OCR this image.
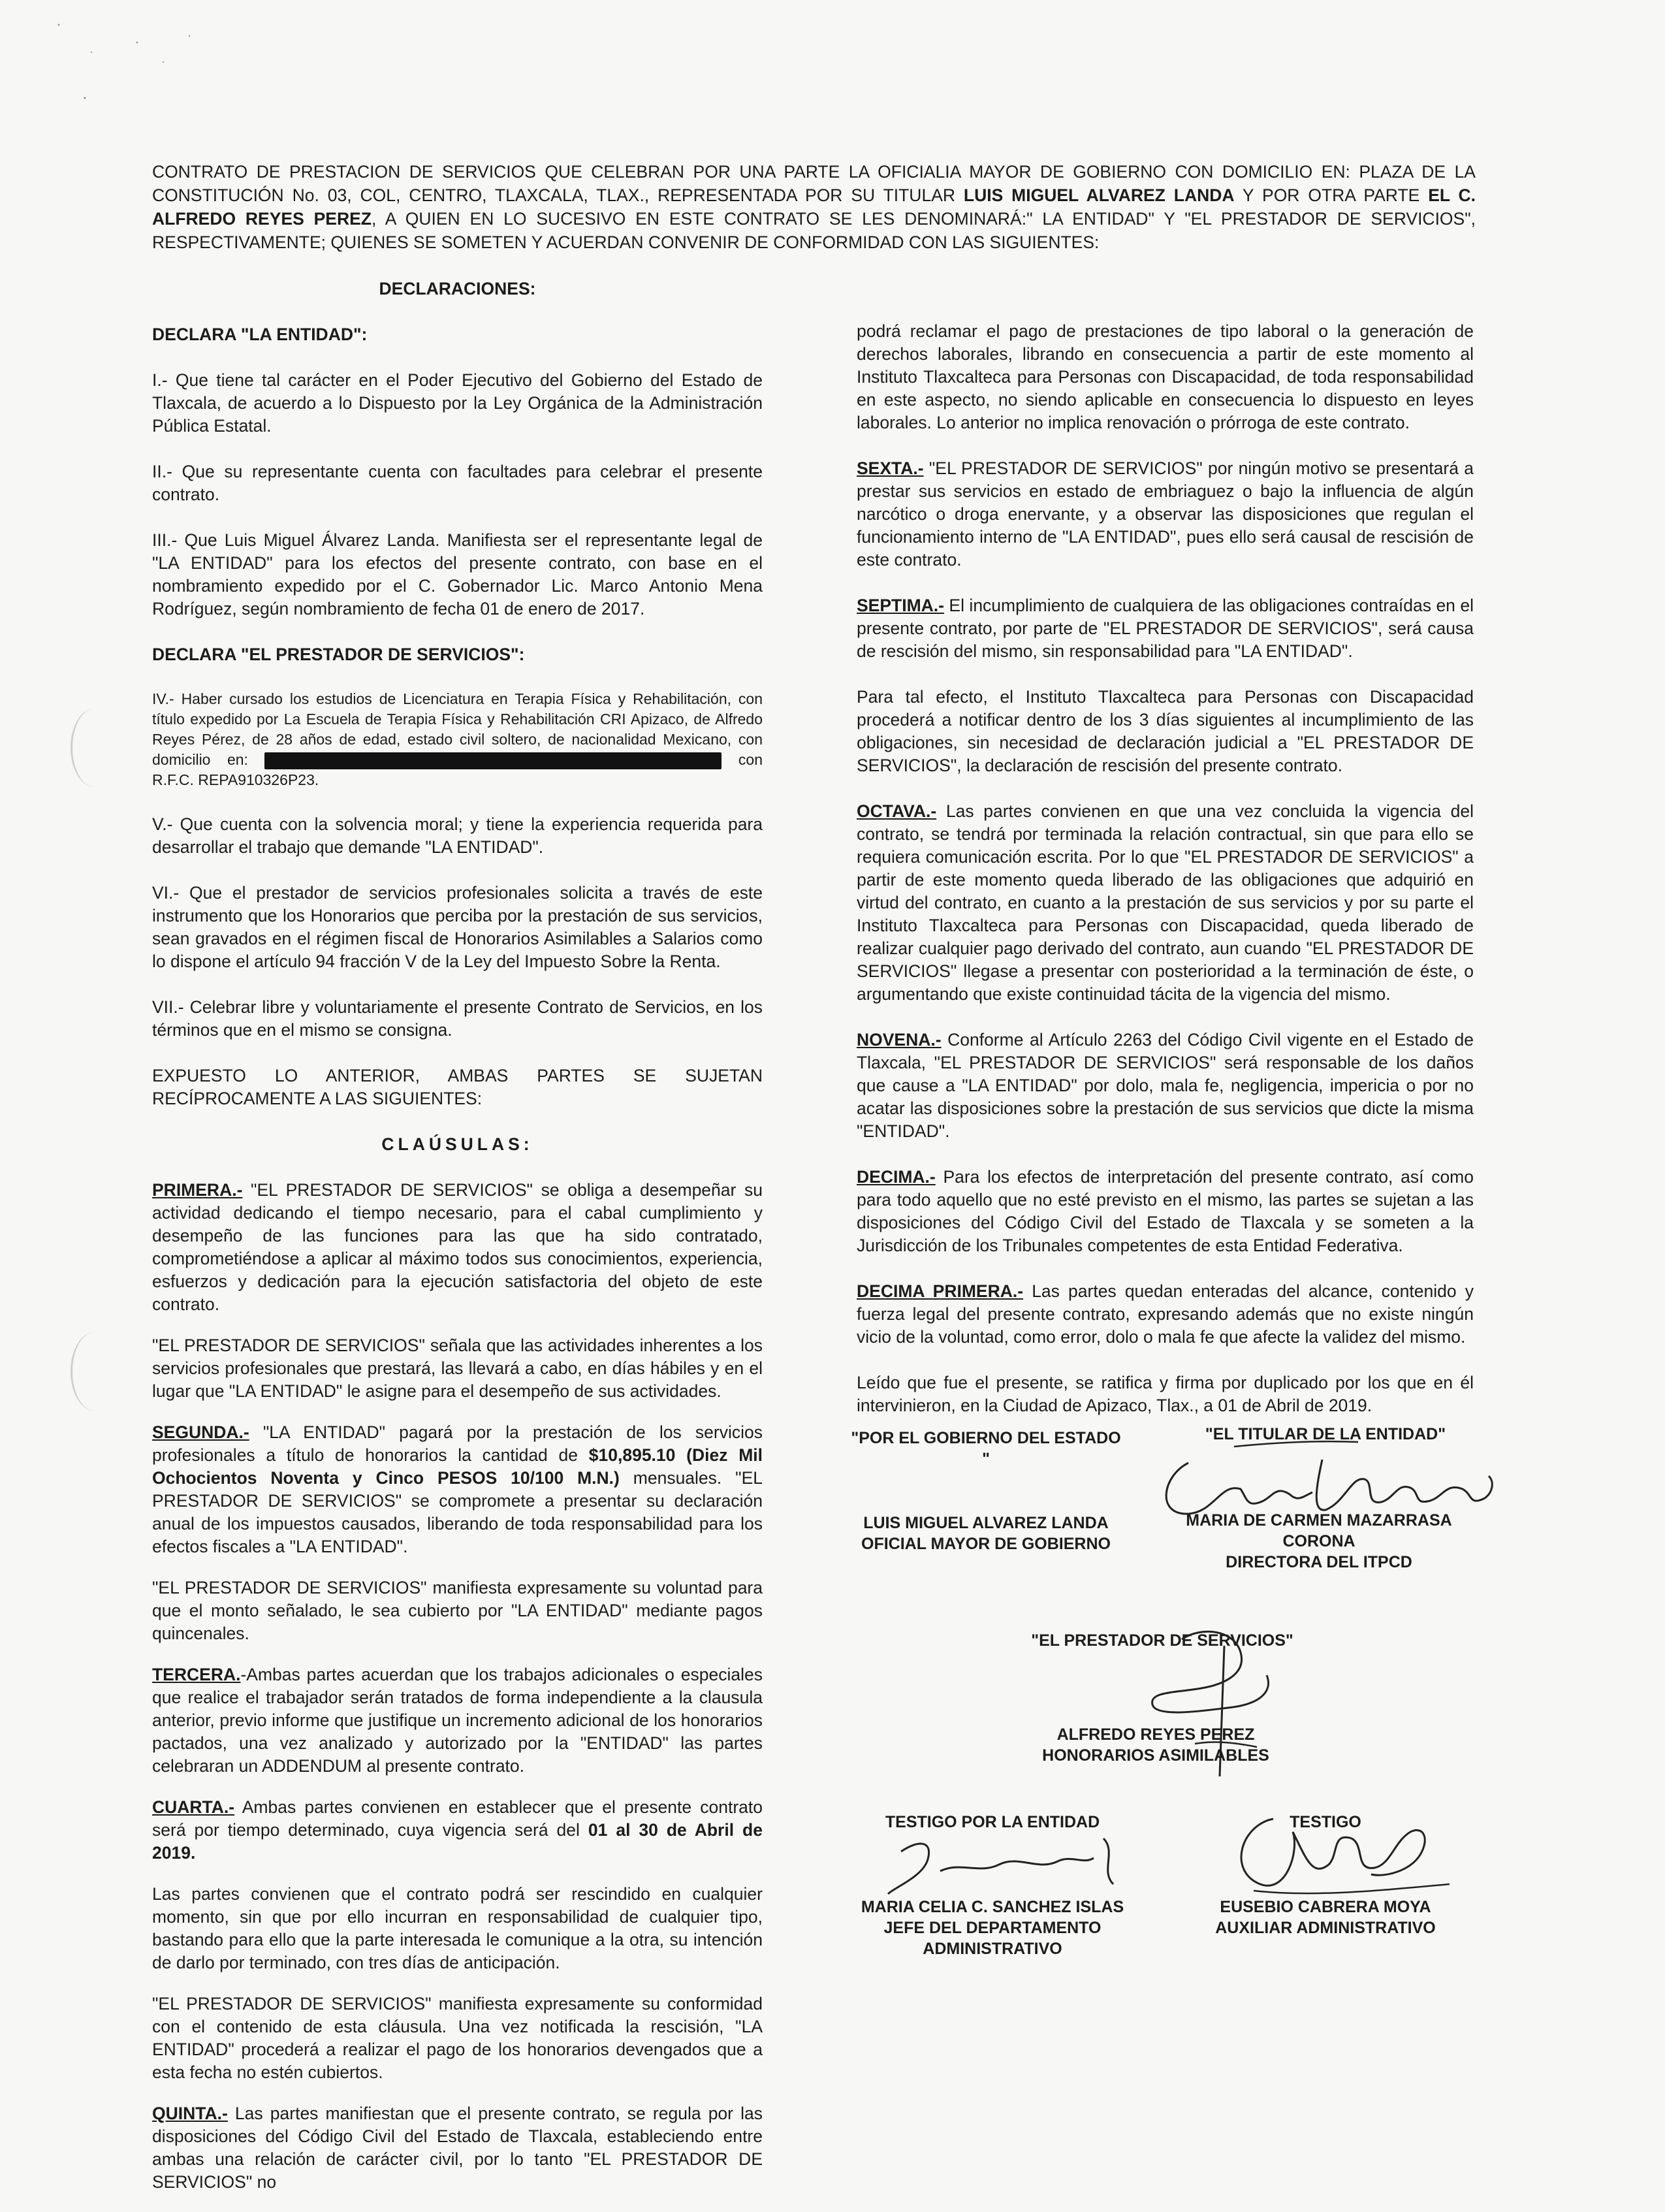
CONTRATO DE PRESTACION DE SERVICIOS QUE CELEBRAN POR UNA PARTE LA OFICIALIA MAYOR DE GOBIERNO CON DOMICILIO EN: PLAZA DE LA CONSTITUCIÓN No. 03, COL, CENTRO, TLAXCALA, TLAX., REPRESENTADA POR SU TITULAR LUIS MIGUEL ALVAREZ LANDA Y POR OTRA PARTE EL C. ALFREDO REYES PEREZ, A QUIEN EN LO SUCESIVO EN ESTE CONTRATO SE LES DENOMINARÁ:" LA ENTIDAD" Y "EL PRESTADOR DE SERVICIOS", RESPECTIVAMENTE; QUIENES SE SOMETEN Y ACUERDAN CONVENIR DE CONFORMIDAD CON LAS SIGUIENTES:

DECLARACIONES:

DECLARA "LA ENTIDAD":

I.- Que tiene tal carácter en el Poder Ejecutivo del Gobierno del Estado de Tlaxcala, de acuerdo a lo Dispuesto por la Ley Orgánica de la Administración Pública Estatal.

II.- Que su representante cuenta con facultades para celebrar el presente contrato.

III.- Que Luis Miguel Álvarez Landa. Manifiesta ser el representante legal de "LA ENTIDAD" para los efectos del presente contrato, con base en el nombramiento expedido por el C. Gobernador Lic. Marco Antonio Mena Rodríguez, según nombramiento de fecha 01 de enero de 2017.

DECLARA "EL PRESTADOR DE SERVICIOS":

IV.- Haber cursado los estudios de Licenciatura en Terapia Física y Rehabilitación, con título expedido por La Escuela de Terapia Física y Rehabilitación CRI Apizaco, de Alfredo Reyes Pérez, de 28 años de edad, estado civil soltero, de nacionalidad Mexicano, con domicilio en:	con R.F.C. REPA910326P23.

V.- Que cuenta con la solvencia moral; y tiene la experiencia requerida para desarrollar el trabajo que demande "LA ENTIDAD".

VI.- Que el prestador de servicios profesionales solicita a través de este instrumento que los Honorarios que perciba por la prestación de sus servicios, sean gravados en el régimen fiscal de Honorarios Asimilables a Salarios como lo dispone el artículo 94 fracción V de la Ley del Impuesto Sobre la Renta.

VII.- Celebrar libre y voluntariamente el presente Contrato de Servicios, en los términos que en el mismo se consigna.

EXPUESTO LO ANTERIOR, AMBAS PARTES SE SUJETAN RECÍPROCAMENTE A LAS SIGUIENTES:

CLAÚSULAS:

PRIMERA.- "EL PRESTADOR DE SERVICIOS" se obliga a desempeñar su actividad dedicando el tiempo necesario, para el cabal cumplimiento y desempeño de las funciones para las que ha sido contratado, comprometiéndose a aplicar al máximo todos sus conocimientos, experiencia, esfuerzos y dedicación para la ejecución satisfactoria del objeto de este contrato.

"EL PRESTADOR DE SERVICIOS" señala que las actividades inherentes a los servicios profesionales que prestará, las llevará a cabo, en días hábiles y en el lugar que "LA ENTIDAD" le asigne para el desempeño de sus actividades.

SEGUNDA.- "LA ENTIDAD" pagará por la prestación de los servicios profesionales a título de honorarios la cantidad de $10,895.10 (Diez Mil Ochocientos Noventa y Cinco PESOS 10/100 M.N.) mensuales. "EL PRESTADOR DE SERVICIOS" se compromete a presentar su declaración anual de los impuestos causados, liberando de toda responsabilidad para los efectos fiscales a "LA ENTIDAD".

"EL PRESTADOR DE SERVICIOS" manifiesta expresamente su voluntad para que el monto señalado, le sea cubierto por "LA ENTIDAD" mediante pagos quincenales.

TERCERA.-Ambas partes acuerdan que los trabajos adicionales o especiales que realice el trabajador serán tratados de forma independiente a la clausula anterior, previo informe que justifique un incremento adicional de los honorarios pactados, una vez analizado y autorizado por la "ENTIDAD" las partes celebraran un ADDENDUM al presente contrato.

CUARTA.- Ambas partes convienen en establecer que el presente contrato será por tiempo determinado, cuya vigencia será del 01 al 30 de Abril de 2019.

Las partes convienen que el contrato podrá ser rescindido en cualquier momento, sin que por ello incurran en responsabilidad de cualquier tipo, bastando para ello que la parte interesada le comunique a la otra, su intención de darlo por terminado, con tres días de anticipación.

"EL PRESTADOR DE SERVICIOS" manifiesta expresamente su conformidad con el contenido de esta cláusula. Una vez notificada la rescisión, "LA ENTIDAD" procederá a realizar el pago de los honorarios devengados que a esta fecha no estén cubiertos.

QUINTA.- Las partes manifiestan que el presente contrato, se regula por las disposiciones del Código Civil del Estado de Tlaxcala, estableciendo entre ambas una relación de carácter civil, por lo tanto "EL PRESTADOR DE SERVICIOS" no

podrá reclamar el pago de prestaciones de tipo laboral o la generación de derechos laborales, librando en consecuencia a partir de este momento al Instituto Tlaxcalteca para Personas con Discapacidad, de toda responsabilidad en este aspecto, no siendo aplicable en consecuencia lo dispuesto en leyes laborales. Lo anterior no implica renovación o prórroga de este contrato.

SEXTA.- "EL PRESTADOR DE SERVICIOS" por ningún motivo se presentará a prestar sus servicios en estado de embriaguez o bajo la influencia de algún narcótico o droga enervante, y a observar las disposiciones que regulan el funcionamiento interno de "LA ENTIDAD", pues ello será causal de rescisión de este contrato.

SEPTIMA.- El incumplimiento de cualquiera de las obligaciones contraídas en el presente contrato, por parte de "EL PRESTADOR DE SERVICIOS", será causa de rescisión del mismo, sin responsabilidad para "LA ENTIDAD".

Para tal efecto, el Instituto Tlaxcalteca para Personas con Discapacidad procederá a notificar dentro de los 3 días siguientes al incumplimiento de las obligaciones, sin necesidad de declaración judicial a "EL PRESTADOR DE SERVICIOS", la declaración de rescisión del presente contrato.

OCTAVA.- Las partes convienen en que una vez concluida la vigencia del contrato, se tendrá por terminada la relación contractual, sin que para ello se requiera comunicación escrita. Por lo que "EL PRESTADOR DE SERVICIOS" a partir de este momento queda liberado de las obligaciones que adquirió en virtud del contrato, en cuanto a la prestación de sus servicios y por su parte el Instituto Tlaxcalteca para Personas con Discapacidad, queda liberado de realizar cualquier pago derivado del contrato, aun cuando "EL PRESTADOR DE SERVICIOS" llegase a presentar con posterioridad a la terminación de éste, o argumentando que existe continuidad tácita de la vigencia del mismo.

NOVENA.- Conforme al Artículo 2263 del Código Civil vigente en el Estado de Tlaxcala, "EL PRESTADOR DE SERVICIOS" será responsable de los daños que cause a "LA ENTIDAD" por dolo, mala fe, negligencia, impericia o por no acatar las disposiciones sobre la prestación de sus servicios que dicte la misma "ENTIDAD".

DECIMA.- Para los efectos de interpretación del presente contrato, así como para todo aquello que no esté previsto en el mismo, las partes se sujetan a las disposiciones del Código Civil del Estado de Tlaxcala y se someten a la Jurisdicción de los Tribunales competentes de esta Entidad Federativa.

DECIMA PRIMERA.- Las partes quedan enteradas del alcance, contenido y fuerza legal del presente contrato, expresando además que no existe ningún vicio de la voluntad, como error, dolo o mala fe que afecte la validez del mismo.

Leído que fue el presente, se ratifica y firma por duplicado por los que en él intervinieron, en la Ciudad de Apizaco, Tlax., a 01 de Abril de 2019.

"POR EL GOBIERNO DEL ESTADO "
LUIS MIGUEL ALVAREZ LANDA
OFICIAL MAYOR DE GOBIERNO
"EL TITULAR DE LA ENTIDAD"
MARIA DE CARMEN MAZARRASA
CORONA
DIRECTORA DEL ITPCD
"EL PRESTADOR DE SERVICIOS"
ALFREDO REYES PEREZ
HONORARIOS ASIMILABLES
TESTIGO POR LA ENTIDAD
MARIA CELIA C. SANCHEZ ISLAS
JEFE DEL DEPARTAMENTO
ADMINISTRATIVO
TESTIGO
EUSEBIO CABRERA MOYA
AUXILIAR ADMINISTRATIVO
